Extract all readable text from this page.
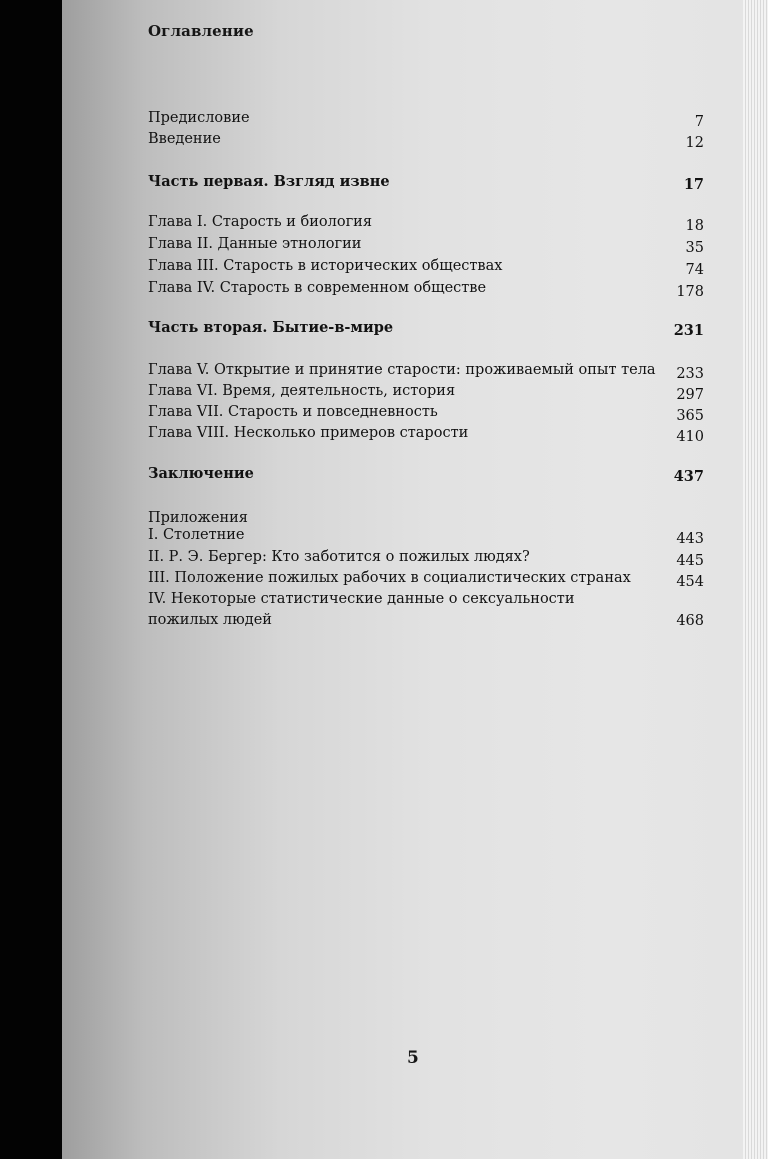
Оглавление
Предисловие	7
Введение	12
Часть первая. Взгляд извне	17
Глава I. Старость и биология	18
Глава II. Данные этнологии	35
Глава III. Старость в исторических обществах	74
Глава IV. Старость в современном обществе	178
Часть вторая. Бытие-в-мире	231
Глава V. Открытие и принятие старости: проживаемый опыт тела 233
Глава VI. Время, деятельность, история	297
Глава VII. Старость и повседневность	365
Глава VIII. Несколько примеров старости	410
Заключение	437
Приложения
I. Столетние	443
II. Р. Э. Бергер: Кто заботится о пожилых людях?	445
III. Положение пожилых рабочих в социалистических странах	454
IV. Некоторые статистические данные о сексуальности
пожилых людей	468
5
